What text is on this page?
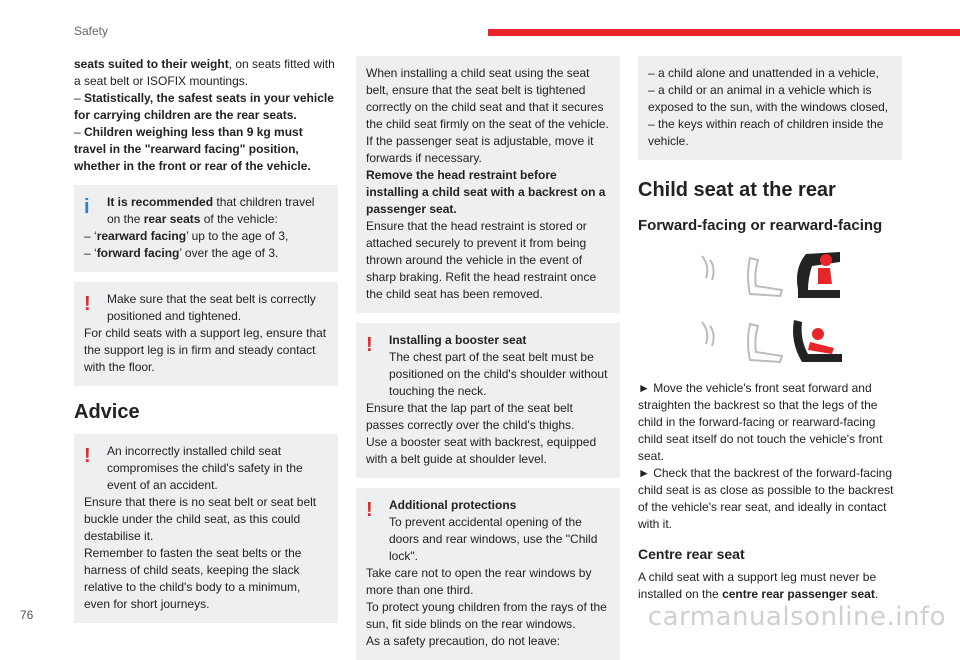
Safety

seats suited to their weight, on seats fitted with a seat belt or ISOFIX mountings.

– Statistically, the safest seats in your vehicle for carrying children are the rear seats.

– Children weighing less than 9 kg must travel in the "rearward facing" position, whether in the front or rear of the vehicle.

i	It is recommended that children travel on the rear seats of the vehicle:

– ‘rearward facing’ up to the age of 3,

– ‘forward facing’ over the age of 3.

!	Make sure that the seat belt is correctly positioned and tightened.

For child seats with a support leg, ensure that the support leg is in firm and steady contact with the floor.

Advice
!	An incorrectly installed child seat compromises the child's safety in the event of an accident.

Ensure that there is no seat belt or seat belt buckle under the child seat, as this could destabilise it.

Remember to fasten the seat belts or the harness of child seats, keeping the slack relative to the child's body to a minimum, even for short journeys.

When installing a child seat using the seat belt, ensure that the seat belt is tightened correctly on the child seat and that it secures the child seat firmly on the seat of the vehicle.

If the passenger seat is adjustable, move it forwards if necessary.

Remove the head restraint before installing a child seat with a backrest on a passenger seat.

Ensure that the head restraint is stored or attached securely to prevent it from being thrown around the vehicle in the event of sharp braking. Refit the head restraint once the child seat has been removed.

!	Installing a booster seat

The chest part of the seat belt must be positioned on the child's shoulder without touching the neck.

Ensure that the lap part of the seat belt passes correctly over the child's thighs.

Use a booster seat with backrest, equipped with a belt guide at shoulder level.

!	Additional protections

To prevent accidental opening of the doors and rear windows, use the "Child lock".

Take care not to open the rear windows by more than one third.

To protect young children from the rays of the sun, fit side blinds on the rear windows.

As a safety precaution, do not leave:

– a child alone and unattended in a vehicle,

– a child or an animal in a vehicle which is exposed to the sun, with the windows closed,

– the keys within reach of children inside the vehicle.

Child seat at the rear
Forward-facing or rearward-facing

► Move the vehicle's front seat forward and straighten the backrest so that the legs of the child in the forward-facing or rearward-facing child seat itself do not touch the vehicle's front seat.

► Check that the backrest of the forward-facing child seat is as close as possible to the backrest of the vehicle's rear seat, and ideally in contact with it.

Centre rear seat

A child seat with a support leg must never be installed on the centre rear passenger seat.

76	carmanualsonline.info
